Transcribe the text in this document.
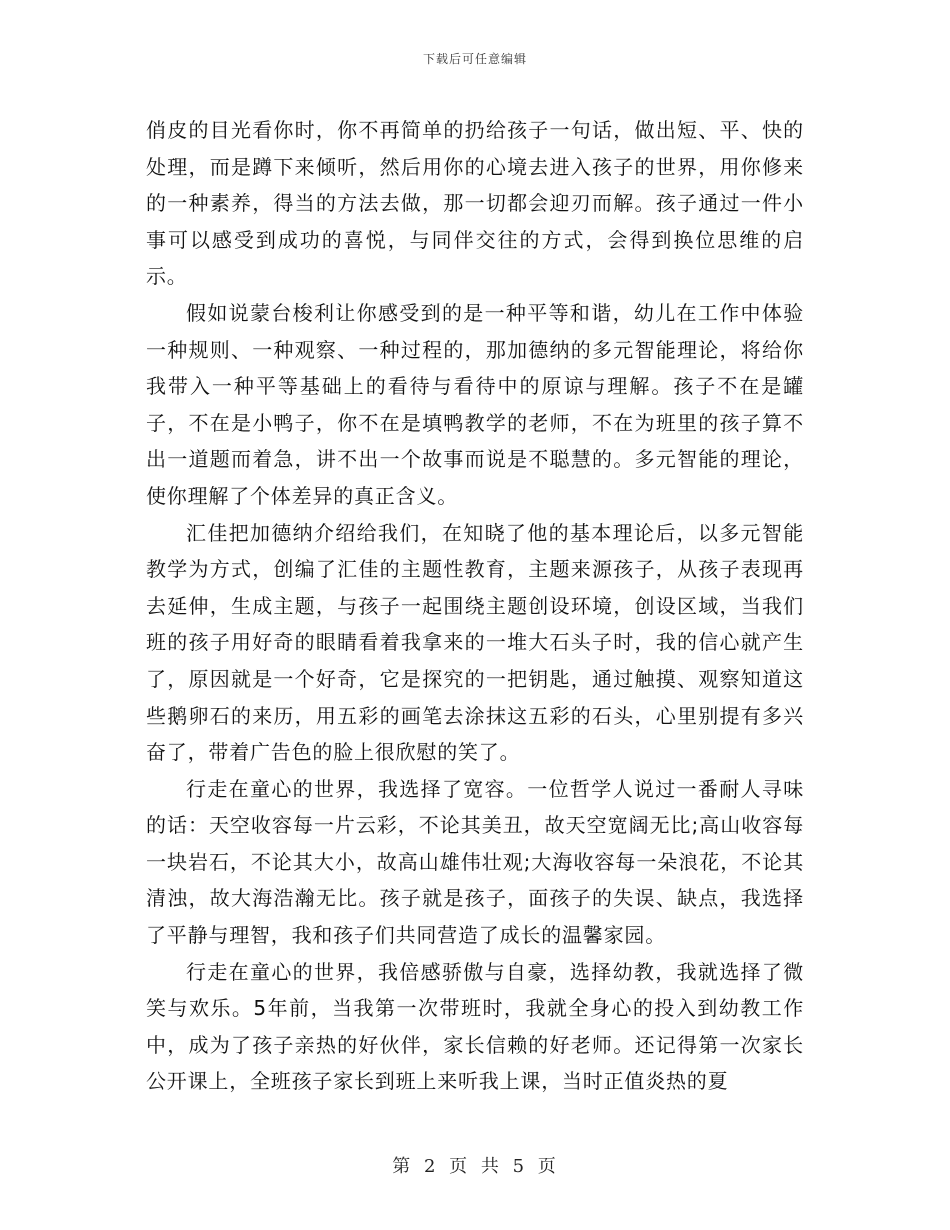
下载后可任意编辑

俏皮的目光看你时，你不再简单的扔给孩子一句话，做出短、平、快的处理，而是蹲下来倾听，然后用你的心境去进入孩子的世界，用你修来的一种素养，得当的方法去做，那一切都会迎刃而解。孩子通过一件小事可以感受到成功的喜悦，与同伴交往的方式，会得到换位思维的启示。

假如说蒙台梭利让你感受到的是一种平等和谐，幼儿在工作中体验一种规则、一种观察、一种过程的，那加德纳的多元智能理论，将给你我带入一种平等基础上的看待与看待中的原谅与理解。孩子不在是罐子，不在是小鸭子，你不在是填鸭教学的老师，不在为班里的孩子算不出一道题而着急，讲不出一个故事而说是不聪慧的。多元智能的理论，使你理解了个体差异的真正含义。

汇佳把加德纳介绍给我们，在知晓了他的基本理论后，以多元智能教学为方式，创编了汇佳的主题性教育，主题来源孩子，从孩子表现再去延伸，生成主题，与孩子一起围绕主题创设环境，创设区域，当我们班的孩子用好奇的眼睛看着我拿来的一堆大石头子时，我的信心就产生了，原因就是一个好奇，它是探究的一把钥匙，通过触摸、观察知道这些鹅卵石的来历，用五彩的画笔去涂抹这五彩的石头，心里别提有多兴奋了，带着广告色的脸上很欣慰的笑了。

行走在童心的世界，我选择了宽容。一位哲学人说过一番耐人寻味的话：天空收容每一片云彩，不论其美丑，故天空宽阔无比;高山收容每一块岩石，不论其大小，故高山雄伟壮观;大海收容每一朵浪花，不论其清浊，故大海浩瀚无比。孩子就是孩子，面孩子的失误、缺点，我选择了平静与理智，我和孩子们共同营造了成长的温馨家园。

行走在童心的世界，我倍感骄傲与自豪，选择幼教，我就选择了微笑与欢乐。5年前，当我第一次带班时，我就全身心的投入到幼教工作中，成为了孩子亲热的好伙伴，家长信赖的好老师。还记得第一次家长公开课上，全班孩子家长到班上来听我上课，当时正值炎热的夏

第 2 页 共 5 页
